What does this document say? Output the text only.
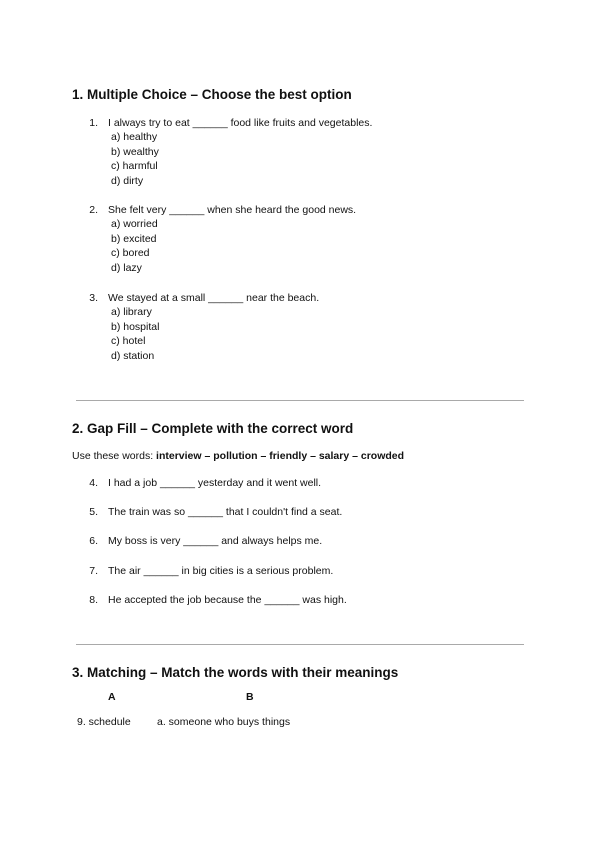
1. Multiple Choice – Choose the best option
1. I always try to eat ______ food like fruits and vegetables.
a) healthy
b) wealthy
c) harmful
d) dirty
2. She felt very ______ when she heard the good news.
a) worried
b) excited
c) bored
d) lazy
3. We stayed at a small ______ near the beach.
a) library
b) hospital
c) hotel
d) station
2. Gap Fill – Complete with the correct word
Use these words: interview – pollution – friendly – salary – crowded
4. I had a job ______ yesterday and it went well.
5. The train was so ______ that I couldn't find a seat.
6. My boss is very ______ and always helps me.
7. The air ______ in big cities is a serious problem.
8. He accepted the job because the ______ was high.
3. Matching – Match the words with their meanings
A	B
9. schedule	a. someone who buys things
